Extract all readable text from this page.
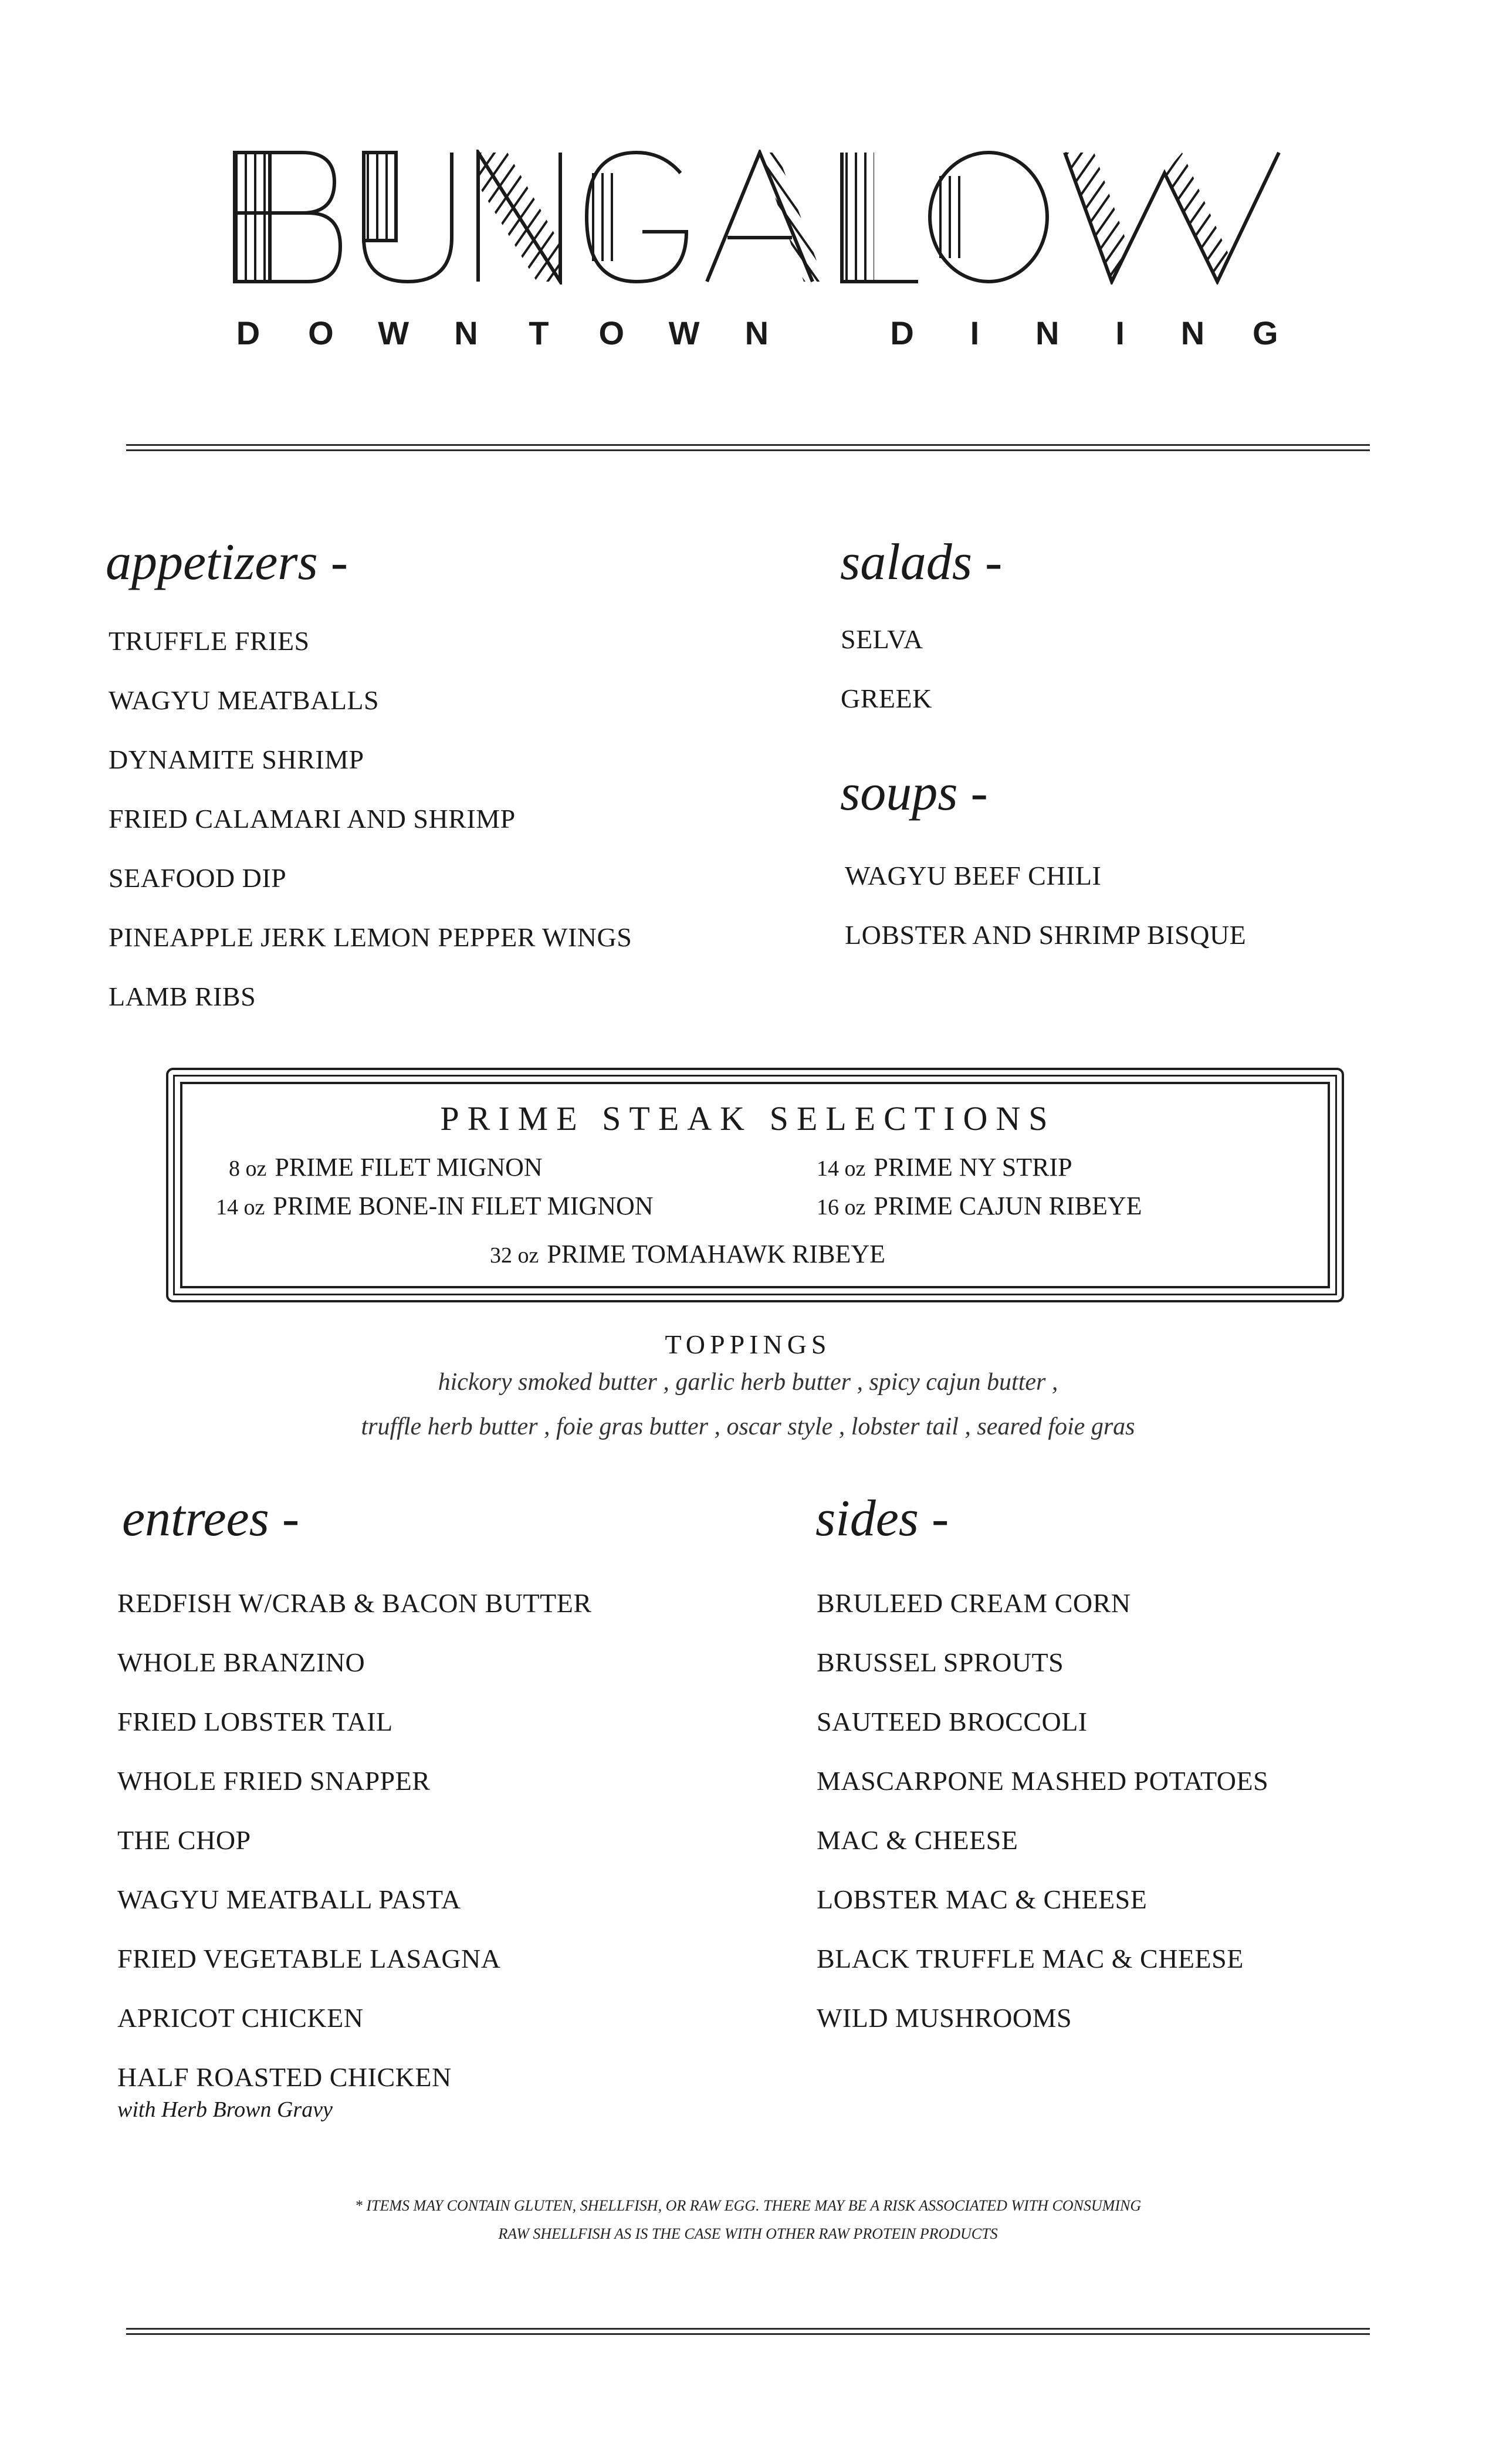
D O W N T O W N	D	I	N	I	N G
appetizers -
TRUFFLE FRIES
WAGYU MEATBALLS
DYNAMITE SHRIMP
FRIED CALAMARI AND SHRIMP
SEAFOOD DIP
PINEAPPLE JERK LEMON PEPPER WINGS
LAMB RIBS
salads -
SELVA
GREEK
soups -
WAGYU BEEF CHILI
LOBSTER AND SHRIMP BISQUE
PRIME STEAK SELECTIONS
8 oz PRIME FILET MIGNON
14 oz PRIME BONE-IN FILET MIGNON
14 oz PRIME NY STRIP
16 oz PRIME CAJUN RIBEYE
32 oz PRIME TOMAHAWK RIBEYE
TOPPINGS
hickory smoked butter , garlic herb butter , spicy cajun butter ,
truffle herb butter , foie gras butter , oscar style , lobster tail , seared foie gras
entrees -
REDFISH W/CRAB & BACON BUTTER
WHOLE BRANZINO
FRIED LOBSTER TAIL
WHOLE FRIED SNAPPER
THE CHOP
WAGYU MEATBALL PASTA
FRIED VEGETABLE LASAGNA
APRICOT CHICKEN
HALF ROASTED CHICKEN
with Herb Brown Gravy
sides -
BRULEED CREAM CORN
BRUSSEL SPROUTS
SAUTEED BROCCOLI
MASCARPONE MASHED POTATOES
MAC & CHEESE
LOBSTER MAC & CHEESE
BLACK TRUFFLE MAC & CHEESE
WILD MUSHROOMS
* ITEMS MAY CONTAIN GLUTEN, SHELLFISH, OR RAW EGG. THERE MAY BE A RISK ASSOCIATED WITH CONSUMING
RAW SHELLFISH AS IS THE CASE WITH OTHER RAW PROTEIN PRODUCTS
